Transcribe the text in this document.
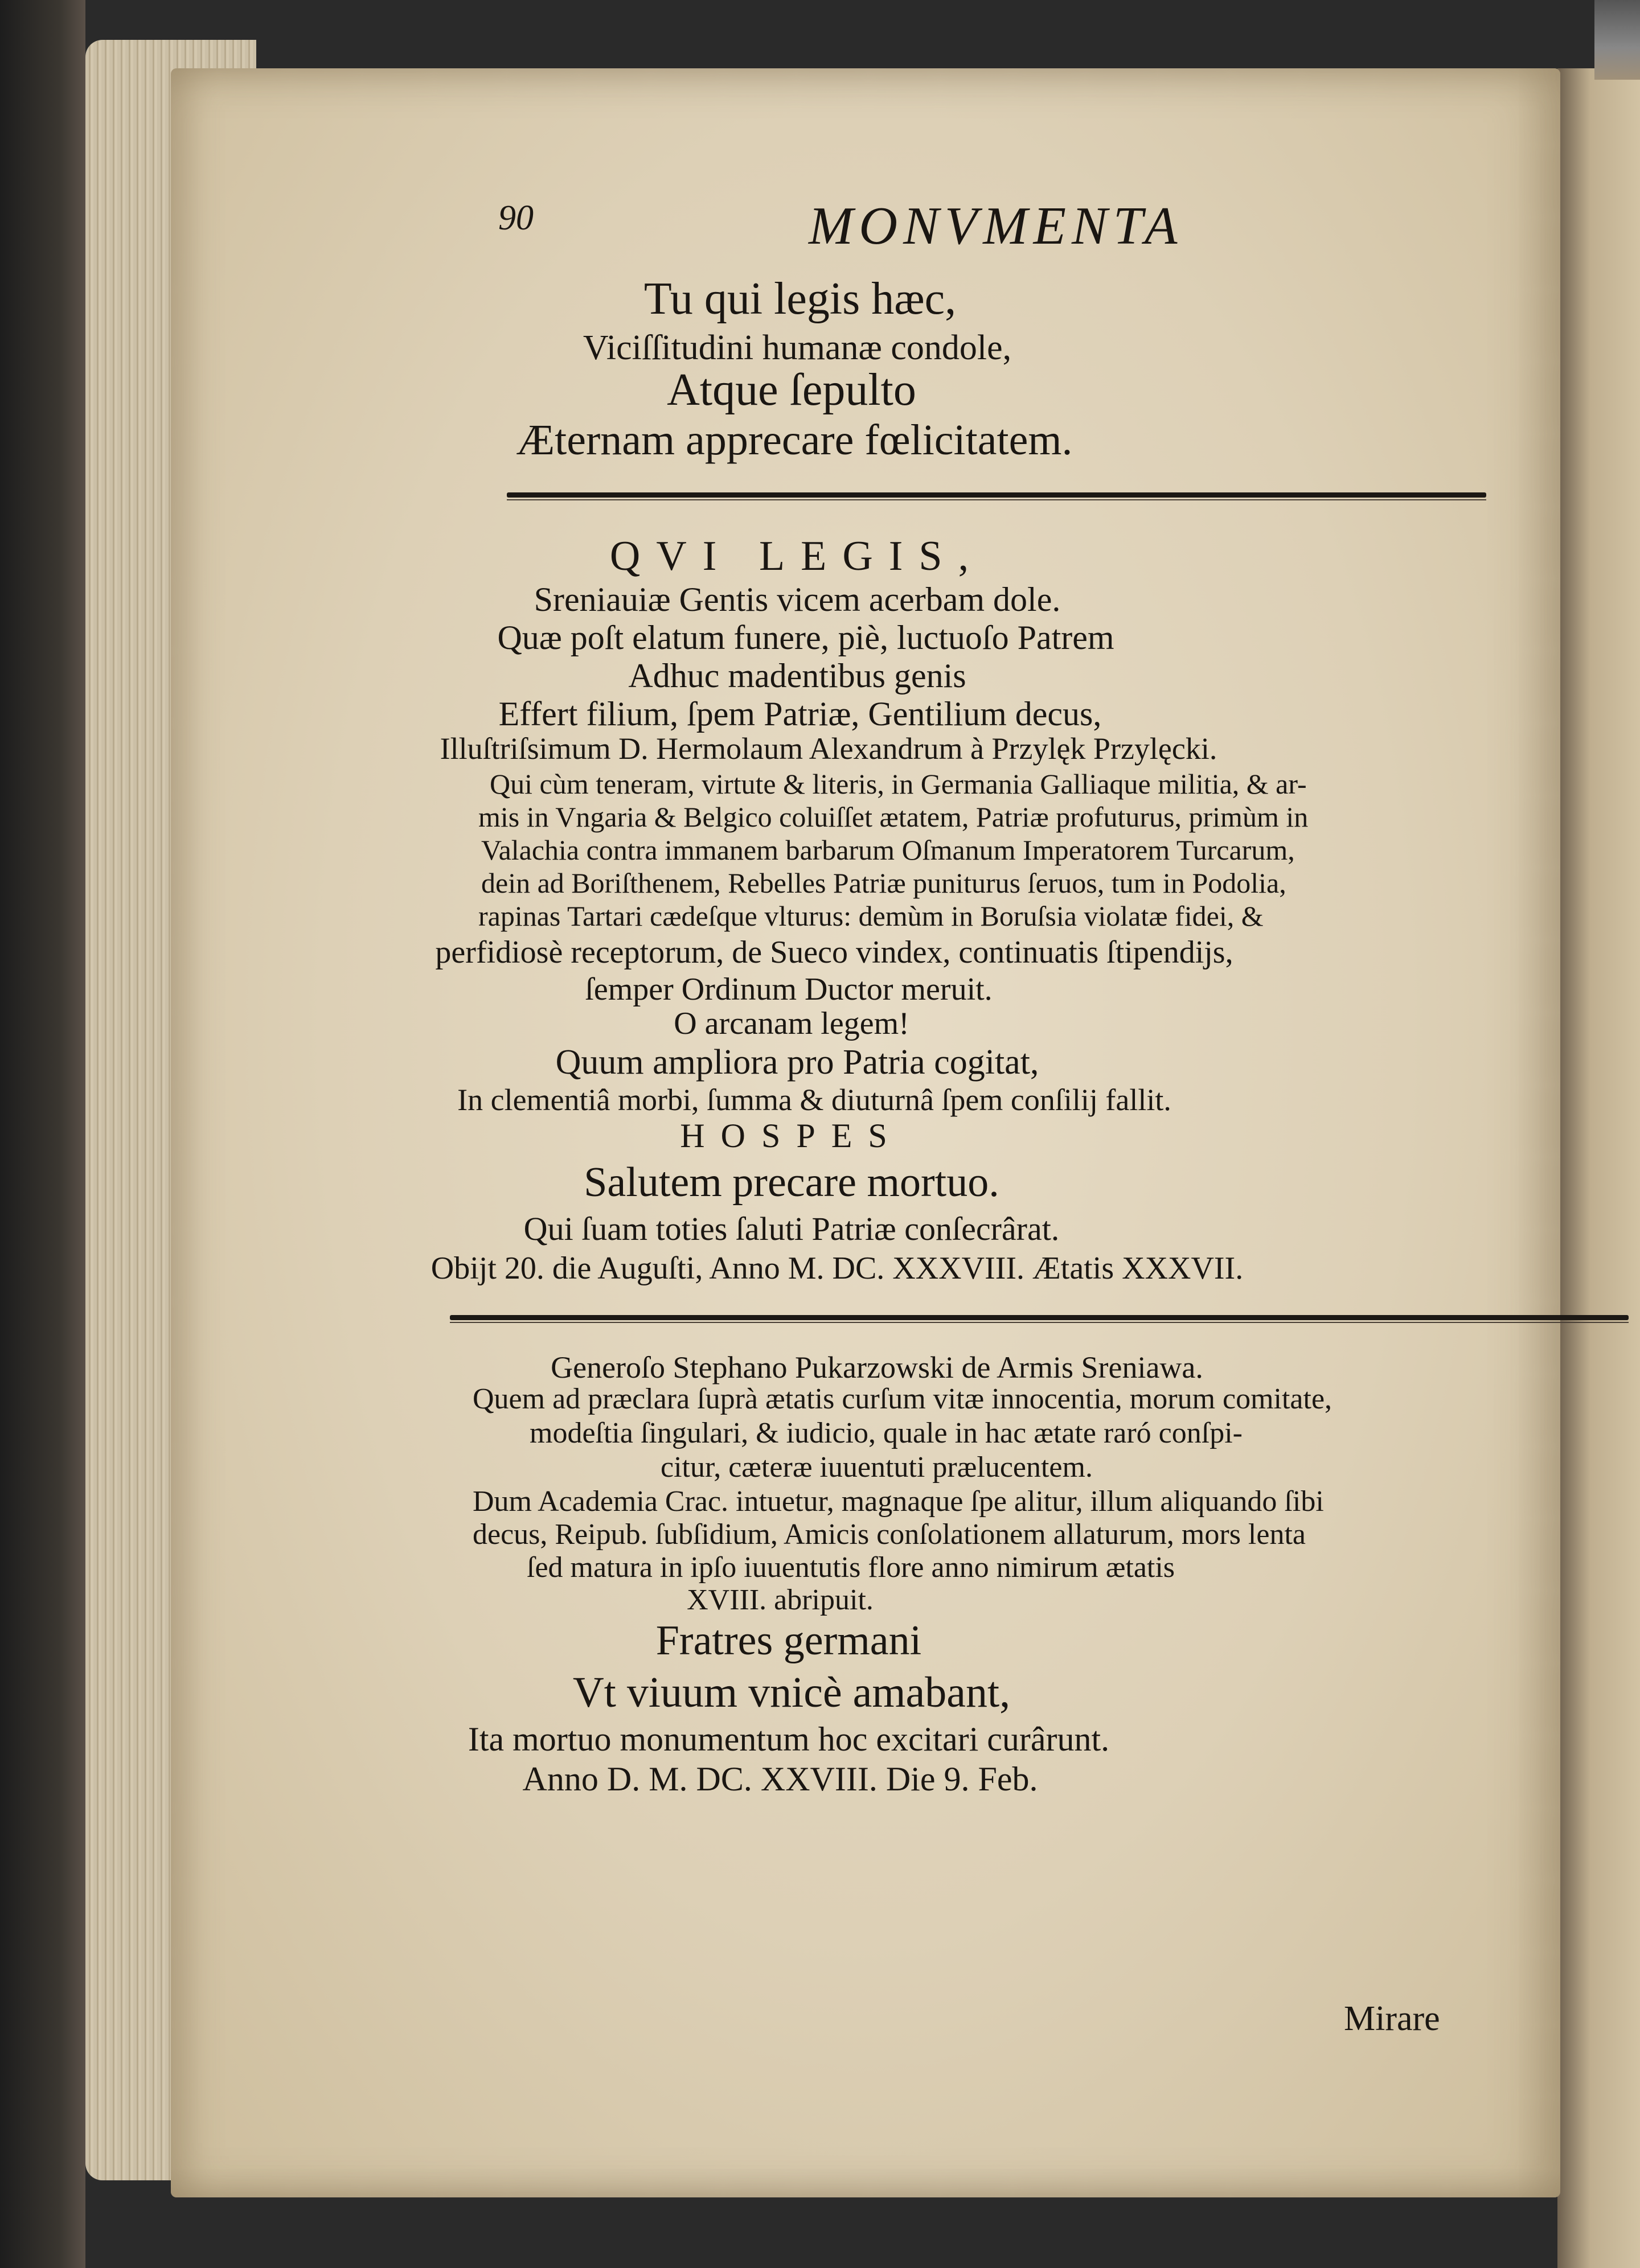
90	MONVMENTA
Tu qui legis hæc,
Viciſſitudini humanæ condole,
Atque ſepulto
Æternam apprecare fœlicitatem.
QVI LEGIS,
Sreniauiæ Gentis vicem acerbam dole.
Quæ poſt elatum funere, piè, luctuoſo Patrem
Adhuc madentibus genis
Effert filium, ſpem Patriæ, Gentilium decus,
Illuſtriſsimum D. Hermolaum Alexandrum à Przylęk Przylęcki.
Qui cùm teneram, virtute & literis, in Germania Galliaque militia, & ar-
mis in Vngaria & Belgico coluiſſet ætatem, Patriæ profuturus, primùm in
Valachia contra immanem barbarum Oſmanum Imperatorem Turcarum,
dein ad Boriſthenem, Rebelles Patriæ puniturus ſeruos, tum in Podolia,
rapinas Tartari cædeſque vlturus: demùm in Boruſsia violatæ fidei, &
perfidiosè receptorum, de Sueco vindex, continuatis ſtipendijs,
ſemper Ordinum Ductor meruit.
O arcanam legem!
Quum ampliora pro Patria cogitat,
In clementiâ morbi, ſumma & diuturnâ ſpem conſilij fallit.
HOSPES
Salutem precare mortuo.
Qui ſuam toties ſaluti Patriæ conſecrârat.
Obijt 20. die Auguſti, Anno M. DC. XXXVIII. Ætatis XXXVII.
Generoſo Stephano Pukarzowski de Armis Sreniawa.
Quem ad præclara ſuprà ætatis curſum vitæ innocentia, morum comitate,
modeſtia ſingulari, & iudicio, quale in hac ætate raró conſpi-
citur, cæteræ iuuentuti prælucentem.
Dum Academia Crac. intuetur, magnaque ſpe alitur, illum aliquando ſibi
decus, Reipub. ſubſidium, Amicis conſolationem allaturum, mors lenta
ſed matura in ipſo iuuentutis flore anno nimirum ætatis
XVIII. abripuit.
Fratres germani
Vt viuum vnicè amabant,
Ita mortuo monumentum hoc excitari curârunt.
Anno D. M. DC. XXVIII. Die 9. Feb.
Mirare
